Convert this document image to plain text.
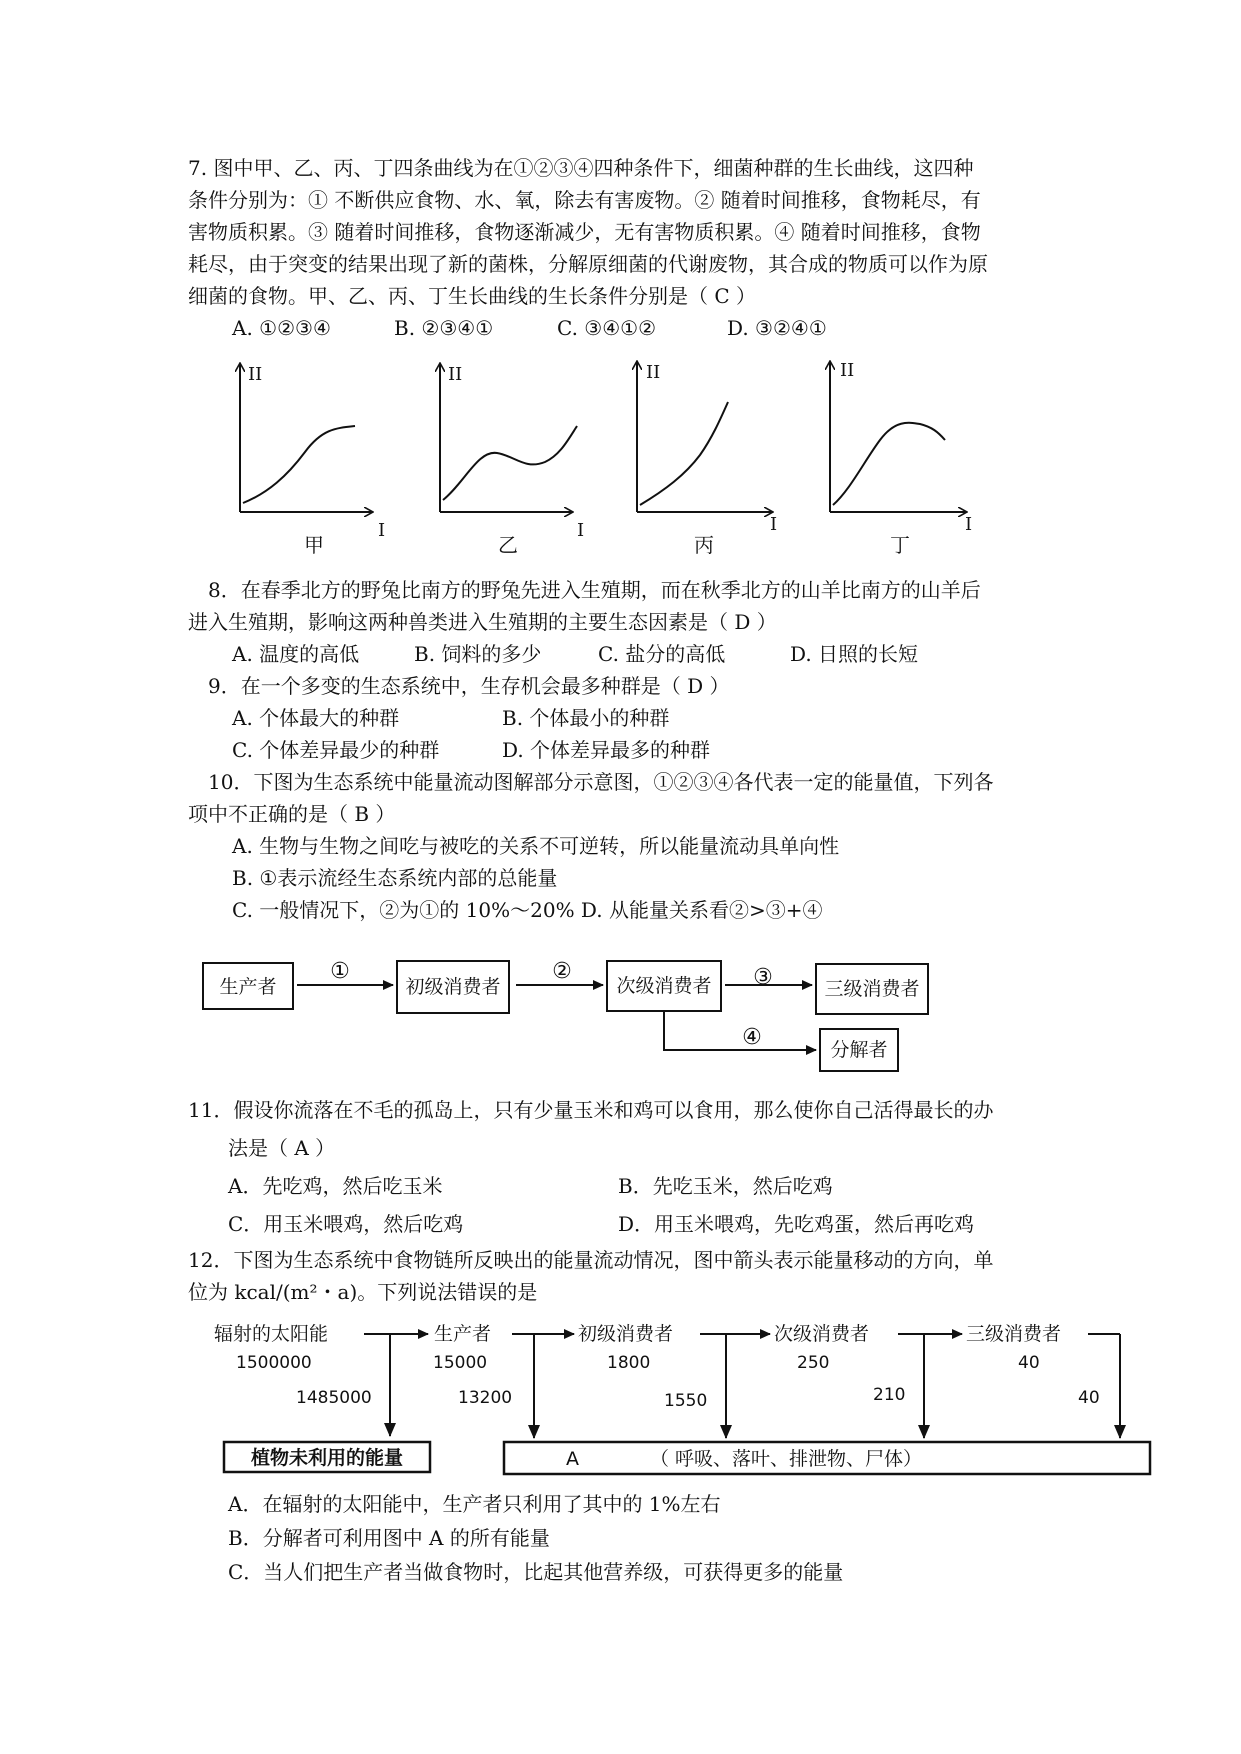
7. 图中甲、乙、丙、丁四条曲线为在①②③④四种条件下，细菌种群的生长曲线，这四种
条件分别为：① 不断供应食物、水、氧，除去有害废物。② 随着时间推移，食物耗尽，有
害物质积累。③ 随着时间推移，食物逐渐减少，无有害物质积累。④ 随着时间推移，食物
耗尽，由于突变的结果出现了新的菌株，分解原细菌的代谢废物，其合成的物质可以作为原
细菌的食物。甲、乙、丙、丁生长曲线的生长条件分别是（ C ）
A. ①②③④	B. ②③④①	C. ③④①②	D. ③②④①
II
I
甲
II
I
乙
II
I
丙
II
I
丁
8．在春季北方的野兔比南方的野兔先进入生殖期，而在秋季北方的山羊比南方的山羊后
进入生殖期，影响这两种兽类进入生殖期的主要生态因素是（ D ）
A. 温度的高低	B. 饲料的多少	C. 盐分的高低	D. 日照的长短
9．在一个多变的生态系统中，生存机会最多种群是（ D ）
A. 个体最大的种群	B. 个体最小的种群
C. 个体差异最少的种群	D. 个体差异最多的种群
10．下图为生态系统中能量流动图解部分示意图，①②③④各代表一定的能量值，下列各
项中不正确的是（ B ）
A. 生物与生物之间吃与被吃的关系不可逆转，所以能量流动具单向性
B. ①表示流经生态系统内部的总能量
C. 一般情况下，②为①的 10%～20% D. 从能量关系看②>③+④
生产者	初级消费者	次级消费者	三级消费者
分解者
①	②	③
④
11．假设你流落在不毛的孤岛上，只有少量玉米和鸡可以食用，那么使你自己活得最长的办
法是（ A ）
A．先吃鸡，然后吃玉米	B．先吃玉米，然后吃鸡
C．用玉米喂鸡，然后吃鸡	D．用玉米喂鸡，先吃鸡蛋，然后再吃鸡
12．下图为生态系统中食物链所反映出的能量流动情况，图中箭头表示能量移动的方向，单
位为 kcal/(m²・a)。下列说法错误的是
辐射的太阳能	生产者	初级消费者	次级消费者	三级消费者
1500000	15000	1800	250	40
1485000	13200	1550	210	40
植物未利用的能量	A	（ 呼吸、落叶、排泄物、尸体）
A．在辐射的太阳能中，生产者只利用了其中的 1%左右
B．分解者可利用图中 A 的所有能量
C．当人们把生产者当做食物时，比起其他营养级，可获得更多的能量
